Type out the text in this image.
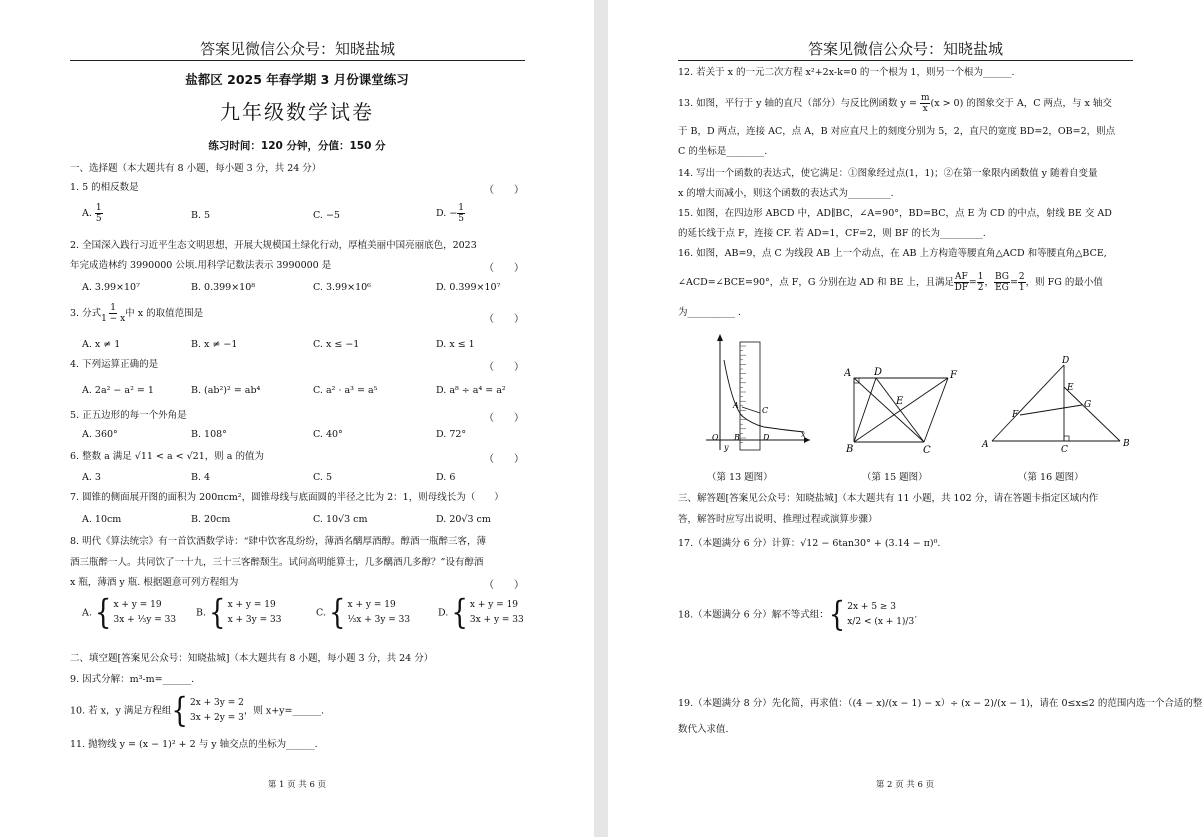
答案见微信公众号：知晓盐城
盐都区 2025 年春学期 3 月份课堂练习
九年级数学试卷
练习时间：120 分钟，分值：150 分
一、选择题（本大题共有 8 小题，每小题 3 分，共 24 分）
1. 5 的相反数是	（　　）
A. $\frac{1}{5}$	B. 5	C. −5	D. − $\frac{1}{5}$
2. 全国深入践行习近平生态文明思想，开展大规模国土绿化行动，厚植美丽中国亮丽底色，2023
年完成造林约 3990000 公顷.用科学记数法表示 3990000 是	（　　）
A. 3.99×10⁷	B. 0.399×10⁸	C. 3.99×10⁶	D. 0.399×10⁷
3. 分式 $\frac{1}{1 - x}$ 中 x 的取值范围是
（　　）
A. x ≠ 1	B. x ≠ −1	C. x ≤ −1	D. x ≤ 1
4. 下列运算正确的是	（　　）
A. 2a² − a² = 1	B. (ab²)² = ab⁴	C. a² · a³ = a⁵	D. a⁸ ÷ a⁴ = a²
5. 正五边形的每一个外角是	（　　）
A. 360°	B. 108°	C. 40°	D. 72°
6. 整数 a 满足 √11 < a < √21，则 a 的值为	（　　）
A. 3	B. 4	C. 5	D. 6
7. 圆锥的侧面展开图的面积为 200πcm²，圆锥母线与底面圆的半径之比为 2：1，则母线长为（　　）
A. 10cm	B. 20cm	C. 10√3 cm	D. 20√3 cm
8. 明代《算法统宗》有一首饮酒数学诗：“肆中饮客乱纷纷，薄酒名醨厚酒醇。醇酒一瓶醉三客，薄
酒三瓶醉一人。共同饮了一十九，三十三客醉颓生。试问高明能算士，几多醨酒几多醇？”设有醇酒
x 瓶，薄酒 y 瓶. 根据题意可列方程组为	（　　）
A. { x + y = 19
3x + ⅓y = 33
B. { x + y = 19
x + 3y = 33
C. { x + y = 19
⅓x + 3y = 33
D. { x + y = 19
3x + y = 33
二、填空题[答案见公众号：知晓盐城]（本大题共有 8 小题，每小题 3 分，共 24 分）
9. 因式分解：m³-m=______.
10. 若 x，y 满足方程组 { 2x + 3y = 2
3x + 2y = 3
，则 x+y=______.
11. 抛物线 y = (x − 1)² + 2 与 y 轴交点的坐标为______.
第 1 页 共 6 页
答案见微信公众号：知晓盐城
12. 若关于 x 的一元二次方程 x²+2x-k=0 的一个根为 1，则另一个根为______.
13. 如图，平行于 y 轴的直尺（部分）与反比例函数 $y = \frac{m}{x} (x > 0)$ 的图象交于 A，C 两点，与 x 轴交
于 B，D 两点，连接 AC，点 A，B 对应直尺上的刻度分别为 5，2，直尺的宽度 BD=2，OB=2，则点
C 的坐标是________.
14. 写出一个函数的表达式，使它满足：①图象经过点(1，1)；②在第一象限内函数值 y 随着自变量
x 的增大而减小，则这个函数的表达式为_________.
15. 如图，在四边形 ABCD 中，AD∥BC，∠A=90°，BD=BC，点 E 为 CD 的中点，射线 BE 交 AD
的延长线于点 F，连接 CF. 若 AD=1，CF=2，则 BF 的长为_________.
16. 如图，AB=9，点 C 为线段 AB 上一个动点，在 AB 上方构造等腰直角△ACD 和等腰直角△BCE,
∠ACD=∠BCE=90°，点 F，G 分别在边 AD 和 BE 上，且满足 $\frac{AF}{DF} = \frac{1}{2}$ ， $\frac{BG}{EG} = \frac{2}{1}$ ，则 FG 的最小值
为__________ .
y
x
O B	D
A
C
A D	F
E
B	C
D
E
G
F
A	C
B
（第 13 题图）	（第 15 题图）	（第 16 题图）
三、解答题[答案见公众号：知晓盐城]（本大题共有 11 小题，共 102 分，请在答题卡指定区域内作
答，解答时应写出说明、推理过程或演算步骤）
17.（本题满分 6 分）计算：√12 − 6tan30° + (3.14 − π)⁰.
18.（本题满分 6 分）解不等式组： { 2x + 5 ≥ 3
x/2 < (x + 1)/3
.
19.（本题满分 8 分）先化简，再求值：（(4 − x)/(x − 1) − x）÷ (x − 2)/(x − 1)，请在 0≤x≤2 的范围内选一个合适的整
数代入求值.
第 2 页 共 6 页
